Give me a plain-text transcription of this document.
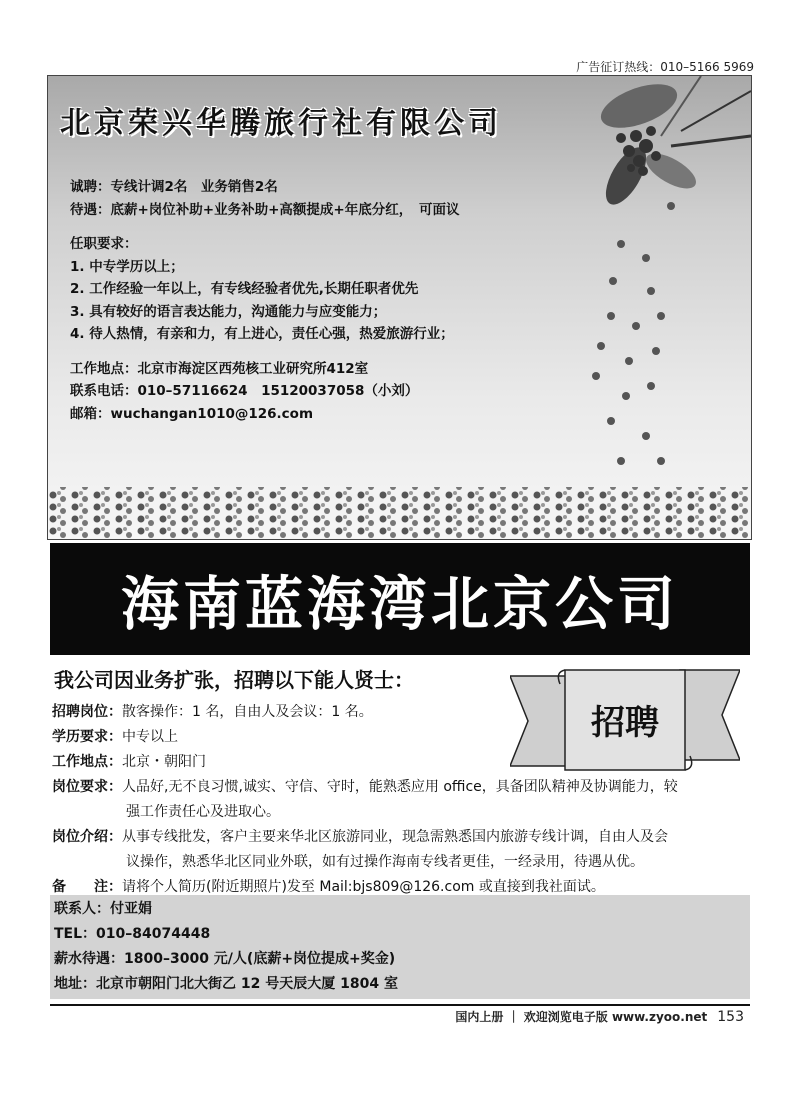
广告征订热线：010–5166 5969
北京荣兴华腾旅行社有限公司
诚聘：专线计调2名　业务销售2名
待遇：底薪+岗位补助+业务补助+高额提成+年底分红，　可面议
任职要求：
1. 中专学历以上；
2. 工作经验一年以上，有专线经验者优先,长期任职者优先
3. 具有较好的语言表达能力，沟通能力与应变能力；
4. 待人热情，有亲和力，有上进心，责任心强，热爱旅游行业；
工作地点：北京市海淀区西苑核工业研究所412室
联系电话：010–57116624　15120037058（小刘）
邮箱：wuchangan1010@126.com
海南蓝海湾北京公司
我公司因业务扩张，招聘以下能人贤士：
招聘
招聘岗位： 散客操作：1 名，自由人及会议：1 名。
学历要求： 中专以上
工作地点： 北京・朝阳门
岗位要求： 人品好,无不良习惯,诚实、守信、守时，能熟悉应用 office，具备团队精神及协调能力，较
强工作责任心及进取心。
岗位介绍： 从事专线批发，客户主要来华北区旅游同业，现急需熟悉国内旅游专线计调，自由人及会
议操作，熟悉华北区同业外联，如有过操作海南专线者更佳，一经录用，待遇从优。
备　　注： 请将个人简历(附近期照片)发至 Mail:bjs809@126.com 或直接到我社面试。
联系人：付亚娟
TEL：010–84074448
薪水待遇：1800–3000 元/人(底薪+岗位提成+奖金)
地址：北京市朝阳门北大街乙 12 号天辰大厦 1804 室
国内上册 ｜ 欢迎浏览电子版 www.zyoo.net 153
